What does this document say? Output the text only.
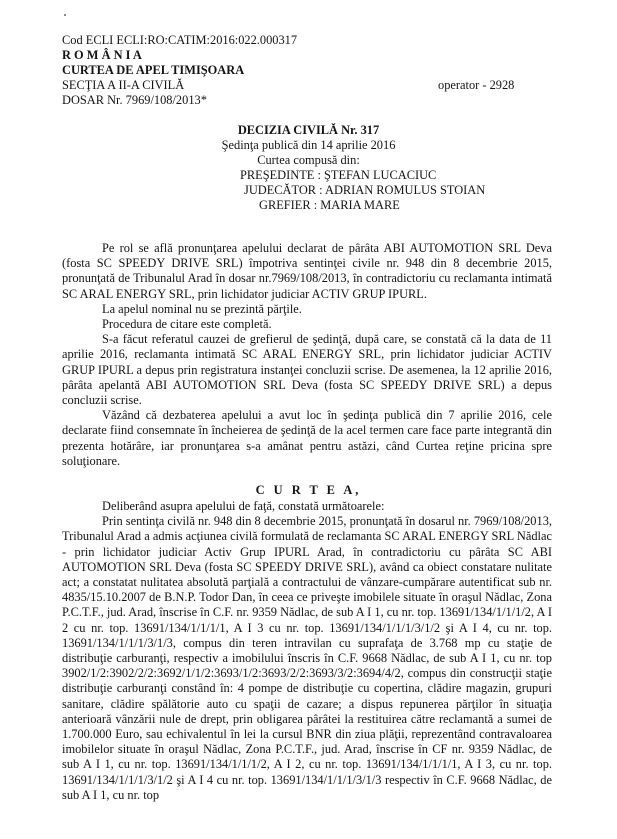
Cod ECLI ECLI:RO:CATIM:2016:022.000317
R O M Â N I A
CURTEA DE APEL TIMIŞOARA
SECŢIA A II-A CIVILĂ
DOSAR Nr. 7969/108/2013*
operator - 2928
DECIZIA CIVILĂ Nr. 317
Şedinţa publică din 14 aprilie 2016
Curtea compusă din:
PREŞEDINTE : ŞTEFAN LUCACIUC
JUDECĂTOR : ADRIAN ROMULUS STOIAN
GREFIER : MARIA MARE

Pe rol se află pronunţarea apelului declarat de pârâta ABI AUTOMOTION SRL Deva (fosta SC SPEEDY DRIVE SRL) împotriva sentinţei civile nr. 948 din 8 decembrie 2015, pronunţată de Tribunalul Arad în dosar nr.7969/108/2013, în contradictoriu cu reclamanta intimată SC ARAL ENERGY SRL, prin lichidator judiciar ACTIV GRUP IPURL.

La apelul nominal nu se prezintă părţile.

Procedura de citare este completă.

S-a făcut referatul cauzei de grefierul de şedinţă, după care, se constată că la data de 11 aprilie 2016, reclamanta intimată SC ARAL ENERGY SRL, prin lichidator judiciar ACTIV GRUP IPURL a depus prin registratura instanţei concluzii scrise. De asemenea, la 12 aprilie 2016, pârâta apelantă ABI AUTOMOTION SRL Deva (fosta SC SPEEDY DRIVE SRL) a depus concluzii scrise.

Văzând că dezbaterea apelului a avut loc în şedinţa publică din 7 aprilie 2016, cele declarate fiind consemnate în încheierea de şedinţă de la acel termen care face parte integrantă din prezenta hotărâre, iar pronunţarea s-a amânat pentru astăzi, când Curtea reţine pricina spre soluţionare.

C U R T E A,

Deliberând asupra apelului de faţă, constată următoarele:

Prin sentinţa civilă nr. 948 din 8 decembrie 2015, pronunţată în dosarul nr. 7969/108/2013, Tribunalul Arad a admis acţiunea civilă formulată de reclamanta SC ARAL ENERGY SRL Nădlac - prin lichidator judiciar Activ Grup IPURL Arad, în contradictoriu cu pârâta SC ABI AUTOMOTION SRL Deva (fosta SC SPEEDY DRIVE SRL), având ca obiect constatare nulitate act; a constatat nulitatea absolută parţială a contractului de vânzare-cumpărare autentificat sub nr. 4835/15.10.2007 de B.N.P. Todor Dan, în ceea ce priveşte imobilele situate în oraşul Nădlac, Zona P.C.T.F., jud. Arad, înscrise în C.F. nr. 9359 Nădlac, de sub A I 1, cu nr. top. 13691/134/1/1/1/2, A I 2 cu nr. top. 13691/134/1/1/1/1, A I 3 cu nr. top. 13691/134/1/1/1/3/1/2 şi A I 4, cu nr. top. 13691/134/1/1/1/3/1/3, compus din teren intravilan cu suprafaţa de 3.768 mp cu staţie de distribuţie carburanţi, respectiv a imobilului înscris în C.F. 9668 Nădlac, de sub A I 1, cu nr. top 3902/1/2:3902/2/2:3692/1/1/2:3693/1/2:3693/2/2:3693/3/2:3694/4/2, compus din construcţii staţie distribuţie carburanţi constând în: 4 pompe de distribuţie cu copertina, clădire magazin, grupuri sanitare, clădire spălătorie auto cu spaţii de cazare; a dispus repunerea părţilor în situaţia anterioară vânzării nule de drept, prin obligarea pârâtei la restituirea către reclamantă a sumei de 1.700.000 Euro, sau echivalentul în lei la cursul BNR din ziua plăţii, reprezentând contravaloarea imobilelor situate în oraşul Nădlac, Zona P.C.T.F., jud. Arad, înscrise în CF nr. 9359 Nădlac, de sub A I 1, cu nr. top. 13691/134/1/1/1/2, A I 2, cu nr. top. 13691/134/1/1/1/1, A I 3, cu nr. top. 13691/134/1/1/1/3/1/2 şi A I 4 cu nr. top. 13691/134/1/1/1/3/1/3 respectiv în C.F. 9668 Nădlac, de sub A I 1, cu nr. top
